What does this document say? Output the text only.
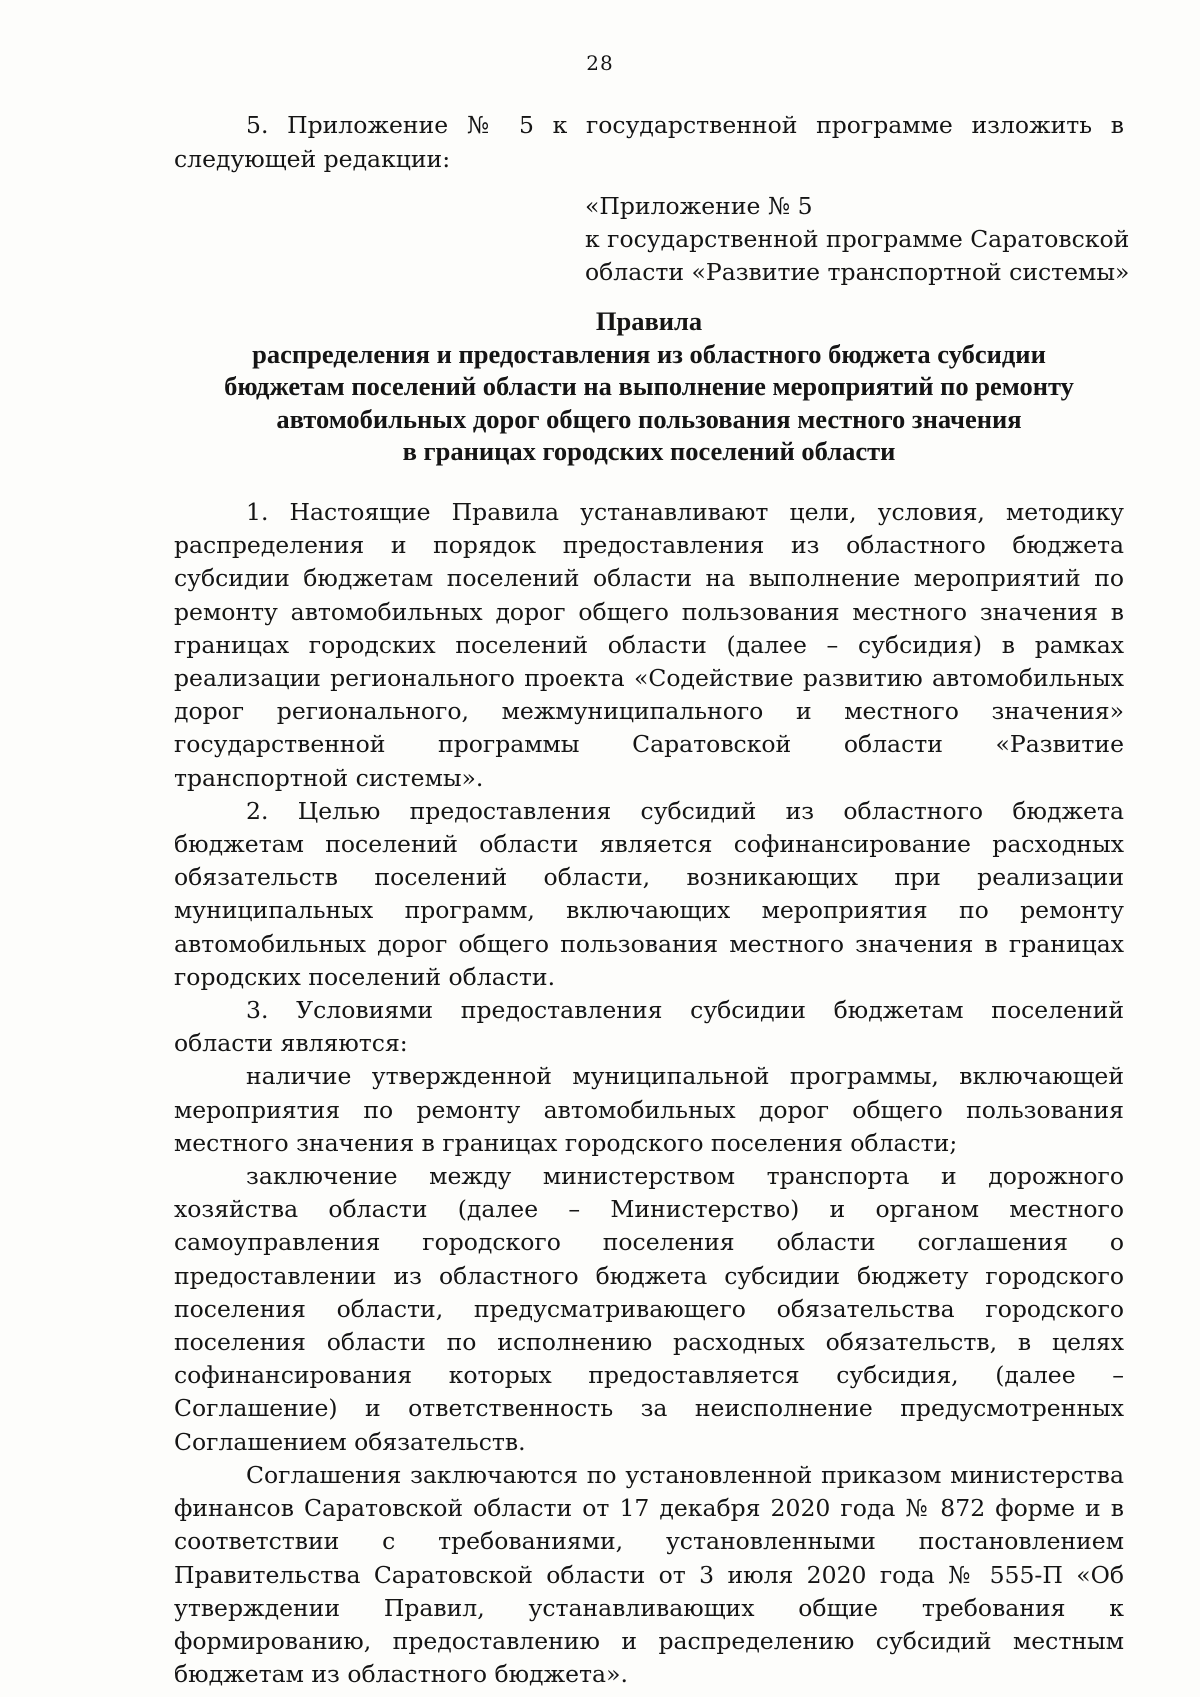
28
5. Приложение № 5 к государственной программе изложить в следующей редакции:
«Приложение № 5
к государственной программе Саратовской
области «Развитие транспортной системы»
Правила
распределения и предоставления из областного бюджета субсидии
бюджетам поселений области на выполнение мероприятий по ремонту
автомобильных дорог общего пользования местного значения
в границах городских поселений области

1. Настоящие Правила устанавливают цели, условия, методику распределения и порядок предоставления из областного бюджета субсидии бюджетам поселений области на выполнение мероприятий по ремонту автомобильных дорог общего пользования местного значения в границах городских поселений области (далее – субсидия) в рамках реализации регионального проекта «Содействие развитию автомобильных дорог регионального, межмуниципального и местного значения» государственной программы Саратовской области «Развитие транспортной системы».

2. Целью предоставления субсидий из областного бюджета бюджетам поселений области является софинансирование расходных обязательств поселений области, возникающих при реализации муниципальных программ, включающих мероприятия по ремонту автомобильных дорог общего пользования местного значения в границах городских поселений области.

3. Условиями предоставления субсидии бюджетам поселений области являются:

наличие утвержденной муниципальной программы, включающей мероприятия по ремонту автомобильных дорог общего пользования местного значения в границах городского поселения области;

заключение между министерством транспорта и дорожного хозяйства области (далее – Министерство) и органом местного самоуправления городского поселения области соглашения о предоставлении из областного бюджета субсидии бюджету городского поселения области, предусматривающего обязательства городского поселения области по исполнению расходных обязательств, в целях софинансирования которых предоставляется субсидия, (далее – Соглашение) и ответственность за неисполнение предусмотренных Соглашением обязательств.

Соглашения заключаются по установленной приказом министерства финансов Саратовской области от 17 декабря 2020 года № 872 форме и в соответствии с требованиями, установленными постановлением Правительства Саратовской области от 3 июля 2020 года № 555-П «Об утверждении Правил, устанавливающих общие требования к формированию, предоставлению и распределению субсидий местным бюджетам из областного бюджета».
